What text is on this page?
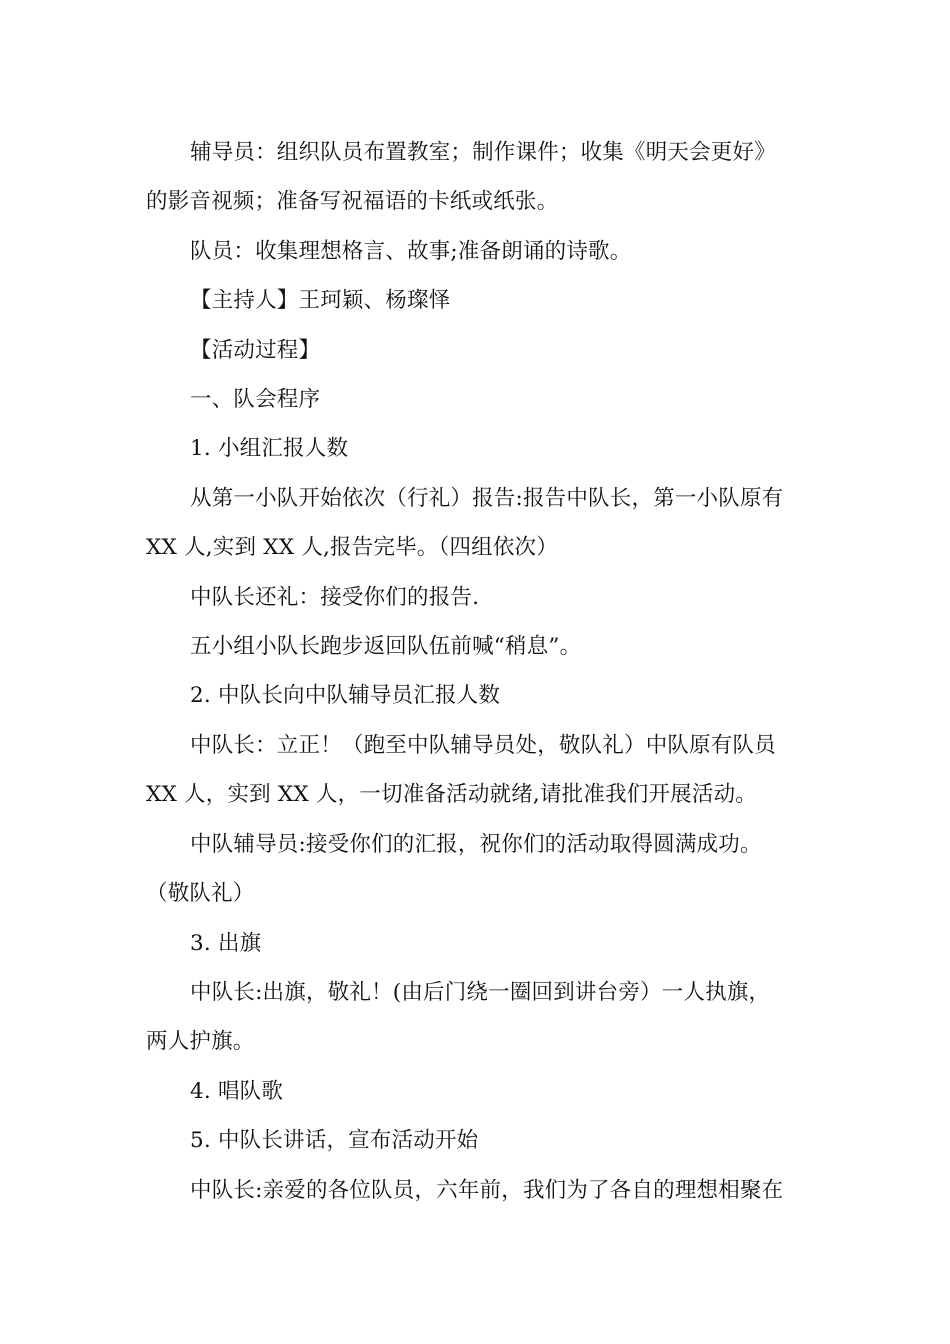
辅导员：组织队员布置教室；制作课件；收集《明天会更好》

的影音视频；准备写祝福语的卡纸或纸张。

队员：收集理想格言、故事;准备朗诵的诗歌。

【主持人】王珂颖、杨璨怿

【活动过程】

一、队会程序

1. 小组汇报人数

从第一小队开始依次（行礼）报告:报告中队长，第一小队原有

XX 人,实到 XX 人,报告完毕。（四组依次）

中队长还礼：接受你们的报告.

五小组小队长跑步返回队伍前喊“稍息”。

2. 中队长向中队辅导员汇报人数

中队长：立正！（跑至中队辅导员处，敬队礼）中队原有队员

XX 人，实到 XX 人，一切准备活动就绪,请批准我们开展活动。

中队辅导员:接受你们的汇报，祝你们的活动取得圆满成功。

（敬队礼）

3. 出旗

中队长:出旗，敬礼！(由后门绕一圈回到讲台旁）一人执旗，

两人护旗。

4. 唱队歌

5. 中队长讲话，宣布活动开始

中队长:亲爱的各位队员，六年前，我们为了各自的理想相聚在
